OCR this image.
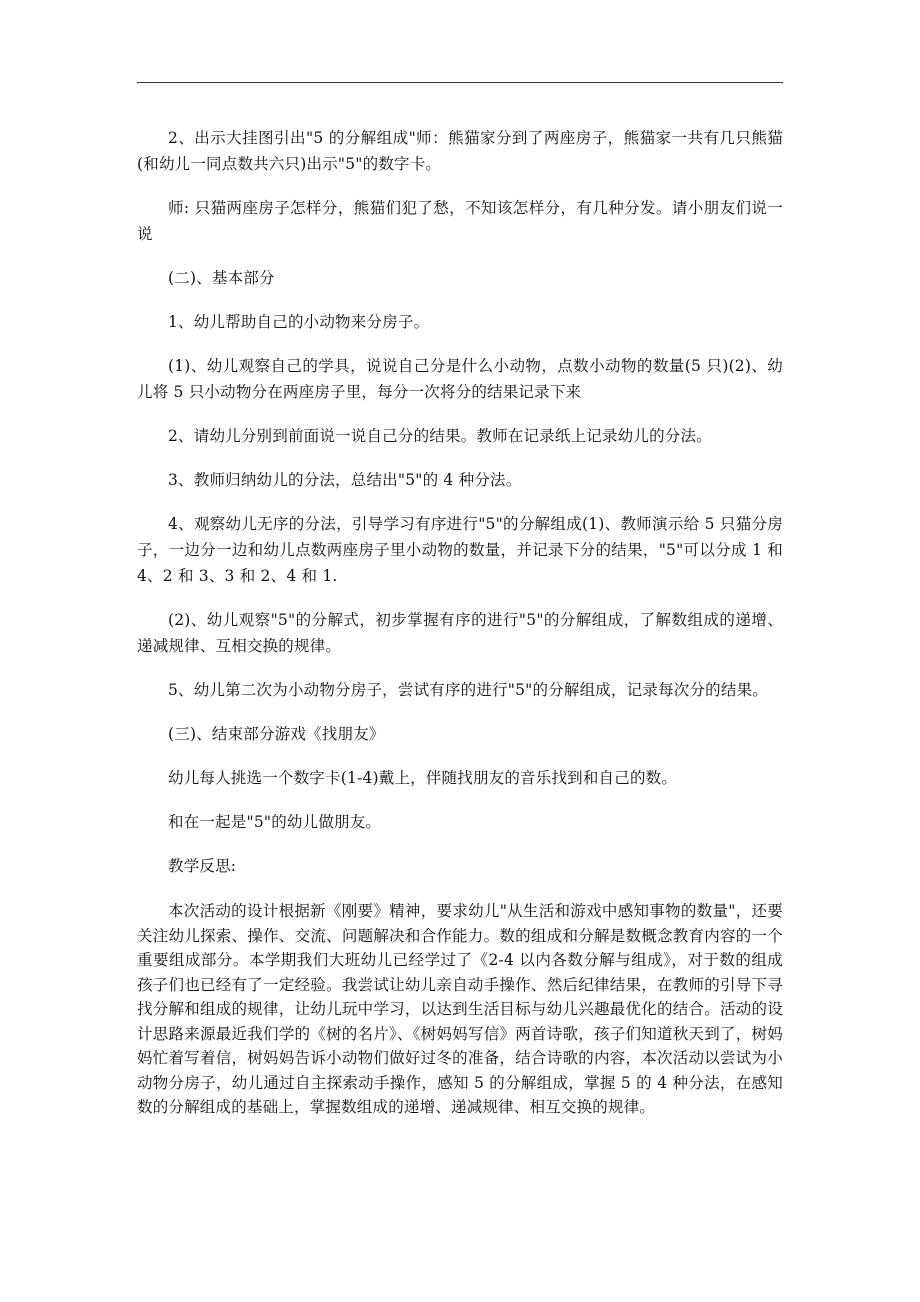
2、出示大挂图引出"5 的分解组成"师：熊猫家分到了两座房子，熊猫家一共有几只熊猫(和幼儿一同点数共六只)出示"5"的数字卡。

师: 只猫两座房子怎样分，熊猫们犯了愁，不知该怎样分，有几种分发。请小朋友们说一说

(二)、基本部分

1、幼儿帮助自己的小动物来分房子。

(1)、幼儿观察自己的学具，说说自己分是什么小动物，点数小动物的数量(5 只)(2)、幼儿将 5 只小动物分在两座房子里，每分一次将分的结果记录下来

2、请幼儿分别到前面说一说自己分的结果。教师在记录纸上记录幼儿的分法。

3、教师归纳幼儿的分法，总结出"5"的 4 种分法。

4、观察幼儿无序的分法，引导学习有序进行"5"的分解组成(1)、教师演示给 5 只猫分房子，一边分一边和幼儿点数两座房子里小动物的数量，并记录下分的结果，"5"可以分成 1 和 4、2 和 3、3 和 2、4 和 1.

(2)、幼儿观察"5"的分解式，初步掌握有序的进行"5"的分解组成，了解数组成的递增、递减规律、互相交换的规律。

5、幼儿第二次为小动物分房子，尝试有序的进行"5"的分解组成，记录每次分的结果。

(三)、结束部分游戏《找朋友》

幼儿每人挑选一个数字卡(1-4)戴上，伴随找朋友的音乐找到和自己的数。

和在一起是"5"的幼儿做朋友。

教学反思:

本次活动的设计根据新《刚要》精神，要求幼儿"从生活和游戏中感知事物的数量"，还要关注幼儿探索、操作、交流、问题解决和合作能力。数的组成和分解是数概念教育内容的一个重要组成部分。本学期我们大班幼儿已经学过了《2-4 以内各数分解与组成》，对于数的组成孩子们也已经有了一定经验。我尝试让幼儿亲自动手操作、然后纪律结果，在教师的引导下寻找分解和组成的规律，让幼儿玩中学习，以达到生活目标与幼儿兴趣最优化的结合。活动的设计思路来源最近我们学的《树的名片》、《树妈妈写信》两首诗歌，孩子们知道秋天到了，树妈妈忙着写着信，树妈妈告诉小动物们做好过冬的准备，结合诗歌的内容，本次活动以尝试为小动物分房子，幼儿通过自主探索动手操作，感知 5 的分解组成，掌握 5 的 4 种分法，在感知数的分解组成的基础上，掌握数组成的递增、递减规律、相互交换的规律。
